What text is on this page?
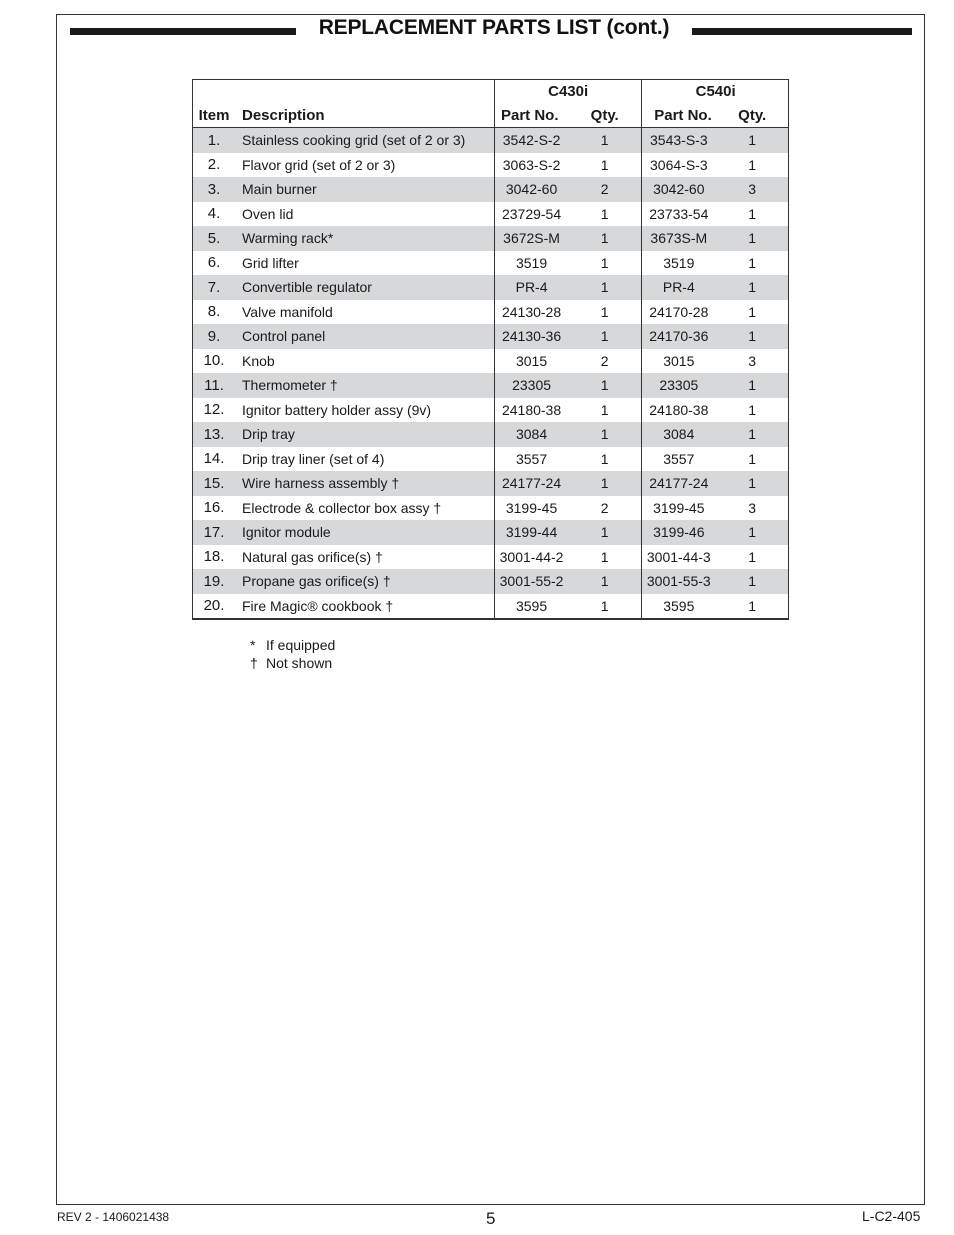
REPLACEMENT PARTS LIST (cont.)
		C430i		C540i	
Item	Description	Part No.	Qty.	Part No.	Qty.
1.	Stainless cooking grid (set of 2 or 3)	3542-S-2	1	3543-S-3	1
2.	Flavor grid (set of 2 or 3)	3063-S-2	1	3064-S-3	1
3.	Main burner	3042-60	2	3042-60	3
4.	Oven lid	23729-54	1	23733-54	1
5.	Warming rack*	3672S-M	1	3673S-M	1
6.	Grid lifter	3519	1	3519	1
7.	Convertible regulator	PR-4	1	PR-4	1
8.	Valve manifold	24130-28	1	24170-28	1
9.	Control panel	24130-36	1	24170-36	1
10.	Knob	3015	2	3015	3
11.	Thermometer †	23305	1	23305	1
12.	Ignitor battery holder assy (9v)	24180-38	1	24180-38	1
13.	Drip tray	3084	1	3084	1
14.	Drip tray liner (set of 4)	3557	1	3557	1
15.	Wire harness assembly †	24177-24	1	24177-24	1
16.	Electrode & collector box assy †	3199-45	2	3199-45	3
17.	Ignitor module	3199-44	1	3199-46	1
18.	Natural gas orifice(s) †	3001-44-2	1	3001-44-3	1
19.	Propane gas orifice(s) †	3001-55-2	1	3001-55-3	1
20.	Fire Magic® cookbook †	3595	1	3595	1
* If equipped
† Not shown
REV 2 - 1406021438	5	L-C2-405
